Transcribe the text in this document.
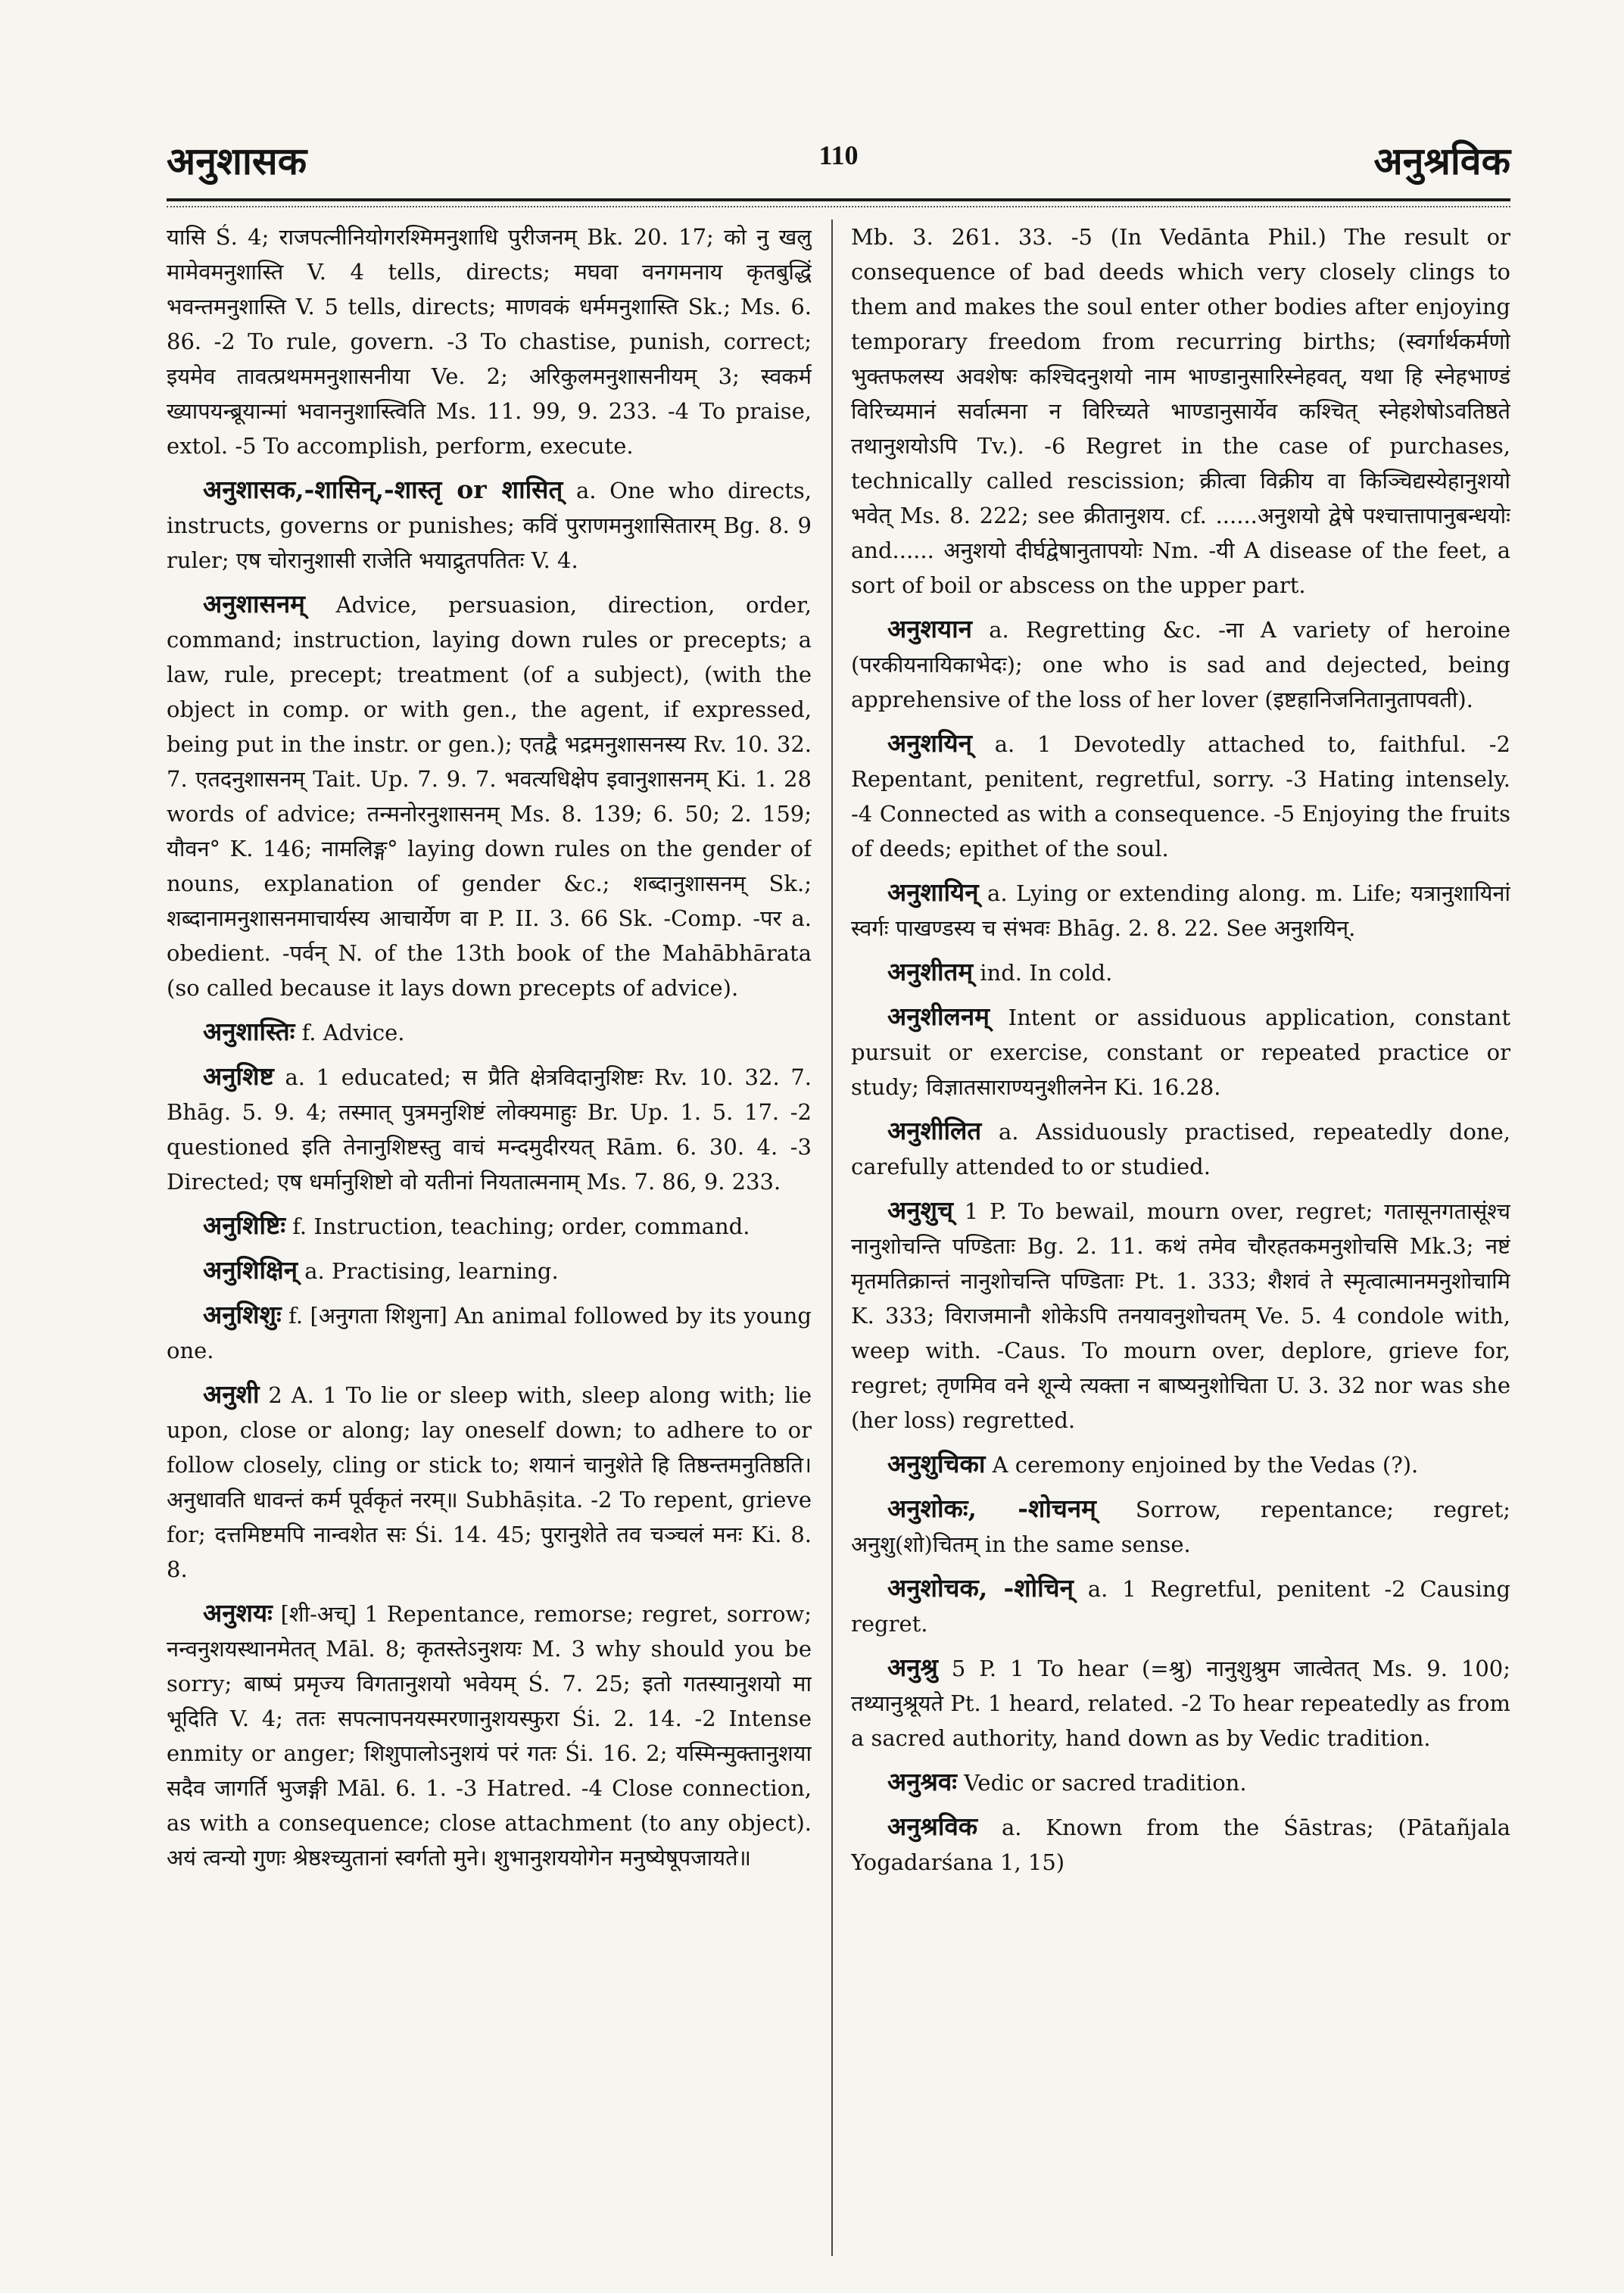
अनुशासक	110	अनुश्रविक

यासि Ś. 4; राजपत्नीनियोगरश्मिमनुशाधि पुरीजनम् Bk. 20. 17; को नु खलु मामेवमनुशास्ति V. 4 tells, directs; मघवा वनगमनाय कृतबुद्धिं भवन्तमनुशास्ति V. 5 tells, directs; माणवकं धर्ममनुशास्ति Sk.; Ms. 6. 86. -2 To rule, govern. -3 To chastise, punish, correct; इयमेव तावत्प्रथममनुशासनीया Ve. 2; अरिकुलमनुशासनीयम् 3; स्वकर्म ख्यापयन्ब्रूयान्मां भवाननुशास्त्विति Ms. 11. 99, 9. 233. -4 To praise, extol. -5 To accomplish, perform, execute.

अनुशासक,-शासिन्,-शास्तृ or शासित् a. One who directs, instructs, governs or punishes; कविं पुराणमनुशासितारम् Bg. 8. 9 ruler; एष चोरानुशासी राजेति भयाद्रुतपतितः V. 4.

अनुशासनम् Advice, persuasion, direction, order, command; instruction, laying down rules or precepts; a law, rule, precept; treatment (of a subject), (with the object in comp. or with gen., the agent, if expressed, being put in the instr. or gen.); एतद्वै भद्रमनुशासनस्य Rv. 10. 32. 7. एतदनुशासनम् Tait. Up. 7. 9. 7. भवत्यधिक्षेप इवानुशासनम् Ki. 1. 28 words of advice; तन्मनोरनुशासनम् Ms. 8. 139; 6. 50; 2. 159; यौवन° K. 146; नामलिङ्ग° laying down rules on the gender of nouns, explanation of gender &c.; शब्दानुशासनम् Sk.; शब्दानामनुशासनमाचार्यस्य आचार्येण वा P. II. 3. 66 Sk. -Comp. -पर a. obedient. -पर्वन् N. of the 13th book of the Mahābhārata (so called because it lays down precepts of advice).

अनुशास्तिः f. Advice.

अनुशिष्ट a. 1 educated; स प्रैति क्षेत्रविदानुशिष्टः Rv. 10. 32. 7. Bhāg. 5. 9. 4; तस्मात् पुत्रमनुशिष्टं लोक्यमाहुः Br. Up. 1. 5. 17. -2 questioned इति तेनानुशिष्टस्तु वाचं मन्दमुदीरयत् Rām. 6. 30. 4. -3 Directed; एष धर्मानुशिष्टो वो यतीनां नियतात्मनाम् Ms. 7. 86, 9. 233.

अनुशिष्टिः f. Instruction, teaching; order, command.

अनुशिक्षिन् a. Practising, learning.

अनुशिशुः f. [अनुगता शिशुना] An animal followed by its young one.

अनुशी 2 A. 1 To lie or sleep with, sleep along with; lie upon, close or along; lay oneself down; to adhere to or follow closely, cling or stick to; शयानं चानुशेते हि तिष्ठन्तमनुतिष्ठति। अनुधावति धावन्तं कर्म पूर्वकृतं नरम्॥ Subhāṣita. -2 To repent, grieve for; दत्तमिष्टमपि नान्वशेत सः Śi. 14. 45; पुरानुशेते तव चञ्चलं मनः Ki. 8. 8.

अनुशयः [शी-अच्] 1 Repentance, remorse; regret, sorrow; नन्वनुशयस्थानमेतत् Māl. 8; कृतस्तेऽनुशयः M. 3 why should you be sorry; बाष्पं प्रमृज्य विगतानुशयो भवेयम् Ś. 7. 25; इतो गतस्यानुशयो मा भूदिति V. 4; ततः सपत्नापनयस्मरणानुशयस्फुरा Śi. 2. 14. -2 Intense enmity or anger; शिशुपालोऽनुशयं परं गतः Śi. 16. 2; यस्मिन्मुक्तानुशया सदैव जागर्ति भुजङ्गी Māl. 6. 1. -3 Hatred. -4 Close connection, as with a consequence; close attachment (to any object). अयं त्वन्यो गुणः श्रेष्ठश्च्युतानां स्वर्गतो मुने। शुभानुशययोगेन मनुष्येषूपजायते॥

Mb. 3. 261. 33. -5 (In Vedānta Phil.) The result or consequence of bad deeds which very closely clings to them and makes the soul enter other bodies after enjoying temporary freedom from recurring births; (स्वर्गार्थकर्मणो भुक्तफलस्य अवशेषः कश्चिदनुशयो नाम भाण्डानुसारिस्नेहवत्, यथा हि स्नेहभाण्डं विरिच्यमानं सर्वात्मना न विरिच्यते भाण्डानुसार्येव कश्चित् स्नेहशेषोऽवतिष्ठते तथानुशयोऽपि Tv.). -6 Regret in the case of purchases, technically called rescission; क्रीत्वा विक्रीय वा किञ्चिद्यस्येहानुशयो भवेत् Ms. 8. 222; see क्रीतानुशय. cf. ......अनुशयो द्वेषे पश्चात्तापानुबन्धयोः and...... अनुशयो दीर्घद्वेषानुतापयोः Nm. -यी A disease of the feet, a sort of boil or abscess on the upper part.

अनुशयान a. Regretting &c. -ना A variety of heroine (परकीयनायिकाभेदः); one who is sad and dejected, being apprehensive of the loss of her lover (इष्टहानिजनितानुतापवती).

अनुशयिन् a. 1 Devotedly attached to, faithful. -2 Repentant, penitent, regretful, sorry. -3 Hating intensely. -4 Connected as with a consequence. -5 Enjoying the fruits of deeds; epithet of the soul.

अनुशायिन् a. Lying or extending along. m. Life; यत्रानुशायिनां स्वर्गः पाखण्डस्य च संभवः Bhāg. 2. 8. 22. See अनुशयिन्.

अनुशीतम् ind. In cold.

अनुशीलनम् Intent or assiduous application, constant pursuit or exercise, constant or repeated practice or study; विज्ञातसाराण्यनुशीलनेन Ki. 16.28.

अनुशीलित a. Assiduously practised, repeatedly done, carefully attended to or studied.

अनुशुच् 1 P. To bewail, mourn over, regret; गतासूनगतासूंश्च नानुशोचन्ति पण्डिताः Bg. 2. 11. कथं तमेव चौरहतकमनुशोचसि Mk.3; नष्टं मृतमतिक्रान्तं नानुशोचन्ति पण्डिताः Pt. 1. 333; शैशवं ते स्मृत्वात्मानमनुशोचामि K. 333; विराजमानौ शोकेऽपि तनयावनुशोचतम् Ve. 5. 4 condole with, weep with. -Caus. To mourn over, deplore, grieve for, regret; तृणमिव वने शून्ये त्यक्ता न बाष्यनुशोचिता U. 3. 32 nor was she (her loss) regretted.

अनुशुचिका A ceremony enjoined by the Vedas (?).

अनुशोकः, -शोचनम् Sorrow, repentance; regret; अनुशु(शो)चितम् in the same sense.

अनुशोचक, -शोचिन् a. 1 Regretful, penitent -2 Causing regret.

अनुश्रु 5 P. 1 To hear (=श्रु) नानुशुश्रुम जात्वेतत् Ms. 9. 100; तथ्यानुश्रूयते Pt. 1 heard, related. -2 To hear repeatedly as from a sacred authority, hand down as by Vedic tradition.

अनुश्रवः Vedic or sacred tradition.

अनुश्रविक a. Known from the Śāstras; (Pātañjala Yogadarśana 1, 15)
